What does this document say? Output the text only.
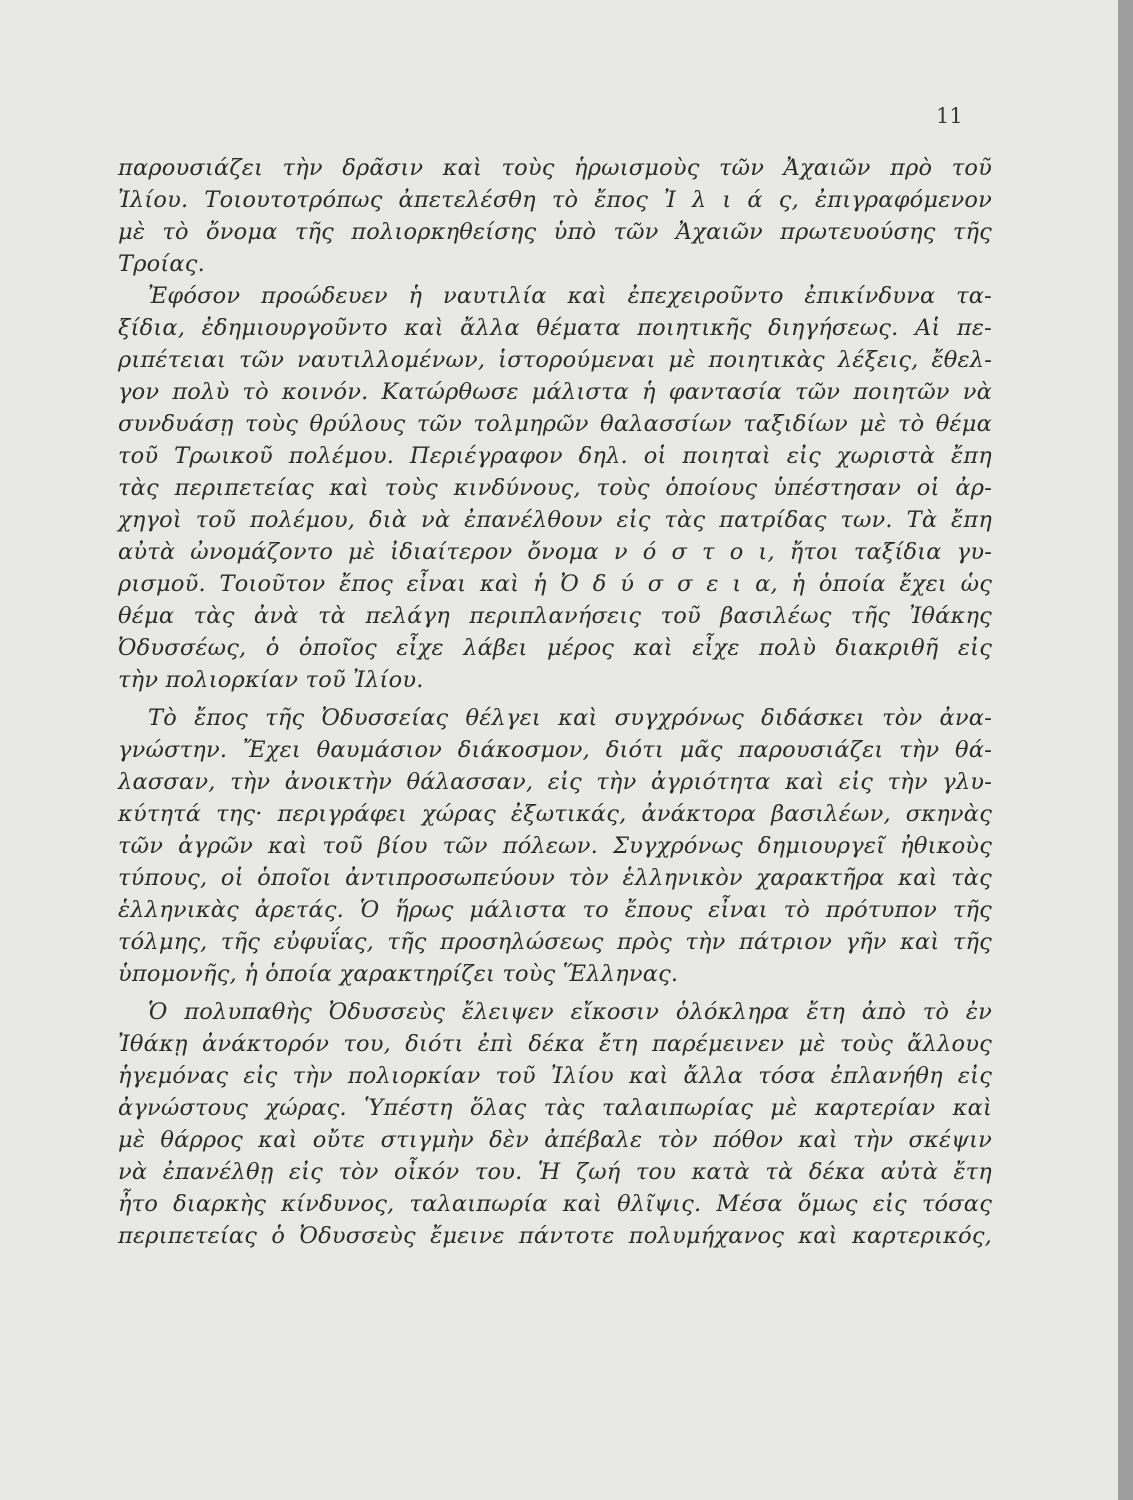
11
παρουσιάζει τὴν δρᾶσιν καὶ τοὺς ἡρωισμοὺς τῶν Ἀχαιῶν πρὸ τοῦ
Ἰλίου. Τοιουτοτρόπως ἀπετελέσθη τὸ ἔπος Ἰ λ ι ά ς, ἐπιγραφόμενον
μὲ τὸ ὄνομα τῆς πολιορκηθείσης ὑπὸ τῶν Ἀχαιῶν πρωτευούσης τῆς
Τροίας.
Ἐφόσον προώδευεν ἡ ναυτιλία καὶ ἐπεχειροῦντο ἐπικίνδυνα τα-
ξίδια, ἐδημιουργοῦντο καὶ ἄλλα θέματα ποιητικῆς διηγήσεως. Αἱ πε-
ριπέτειαι τῶν ναυτιλλομένων, ἱστορούμεναι μὲ ποιητικὰς λέξεις, ἔθελ-
γον πολὺ τὸ κοινόν. Κατώρθωσε μάλιστα ἡ φαντασία τῶν ποιητῶν νὰ
συνδυάσῃ τοὺς θρύλους τῶν τολμηρῶν θαλασσίων ταξιδίων μὲ τὸ θέμα
τοῦ Τρωικοῦ πολέμου. Περιέγραφον δηλ. οἱ ποιηταὶ εἰς χωριστὰ ἔπη
τὰς περιπετείας καὶ τοὺς κινδύνους, τοὺς ὁποίους ὑπέστησαν οἱ ἀρ-
χηγοὶ τοῦ πολέμου, διὰ νὰ ἐπανέλθουν εἰς τὰς πατρίδας των. Τὰ ἔπη
αὐτὰ ὠνομάζοντο μὲ ἰδιαίτερον ὄνομα ν ό σ τ ο ι, ἤτοι ταξίδια γυ-
ρισμοῦ. Τοιοῦτον ἔπος εἶναι καὶ ἡ Ὀ δ ύ σ σ ε ι α, ἡ ὁποία ἔχει ὡς
θέμα τὰς ἀνὰ τὰ πελάγη περιπλανήσεις τοῦ βασιλέως τῆς Ἰθάκης
Ὀδυσσέως, ὁ ὁποῖος εἶχε λάβει μέρος καὶ εἶχε πολὺ διακριθῆ εἰς
τὴν πολιορκίαν τοῦ Ἰλίου.
Τὸ ἔπος τῆς Ὀδυσσείας θέλγει καὶ συγχρόνως διδάσκει τὸν ἀνα-
γνώστην. Ἔχει θαυμάσιον διάκοσμον, διότι μᾶς παρουσιάζει τὴν θά-
λασσαν, τὴν ἀνοικτὴν θάλασσαν, εἰς τὴν ἀγριότητα καὶ εἰς τὴν γλυ-
κύτητά της· περιγράφει χώρας ἐξωτικάς, ἀνάκτορα βασιλέων, σκηνὰς
τῶν ἀγρῶν καὶ τοῦ βίου τῶν πόλεων. Συγχρόνως δημιουργεῖ ἠθικοὺς
τύπους, οἱ ὁποῖοι ἀντιπροσωπεύουν τὸν ἑλληνικὸν χαρακτῆρα καὶ τὰς
ἑλληνικὰς ἀρετάς. Ὁ ἥρως μάλιστα το ἔπους εἶναι τὸ πρότυπον τῆς
τόλμης, τῆς εὐφυΐας, τῆς προσηλώσεως πρὸς τὴν πάτριον γῆν καὶ τῆς
ὑπομονῆς, ἡ ὁποία χαρακτηρίζει τοὺς Ἕλληνας.
Ὁ πολυπαθὴς Ὀδυσσεὺς ἔλειψεν εἴκοσιν ὁλόκληρα ἔτη ἀπὸ τὸ ἐν
Ἰθάκῃ ἀνάκτορόν του, διότι ἐπὶ δέκα ἔτη παρέμεινεν μὲ τοὺς ἄλλους
ἡγεμόνας εἰς τὴν πολιορκίαν τοῦ Ἰλίου καὶ ἄλλα τόσα ἐπλανήθη εἰς
ἀγνώστους χώρας. Ὑπέστη ὅλας τὰς ταλαιπωρίας μὲ καρτερίαν καὶ
μὲ θάρρος καὶ οὔτε στιγμὴν δὲν ἀπέβαλε τὸν πόθον καὶ τὴν σκέψιν
νὰ ἐπανέλθῃ εἰς τὸν οἶκόν του. Ἡ ζωή του κατὰ τὰ δέκα αὐτὰ ἔτη
ἦτο διαρκὴς κίνδυνος, ταλαιπωρία καὶ θλῖψις. Μέσα ὅμως εἰς τόσας
περιπετείας ὁ Ὀδυσσεὺς ἔμεινε πάντοτε πολυμήχανος καὶ καρτερικός,
